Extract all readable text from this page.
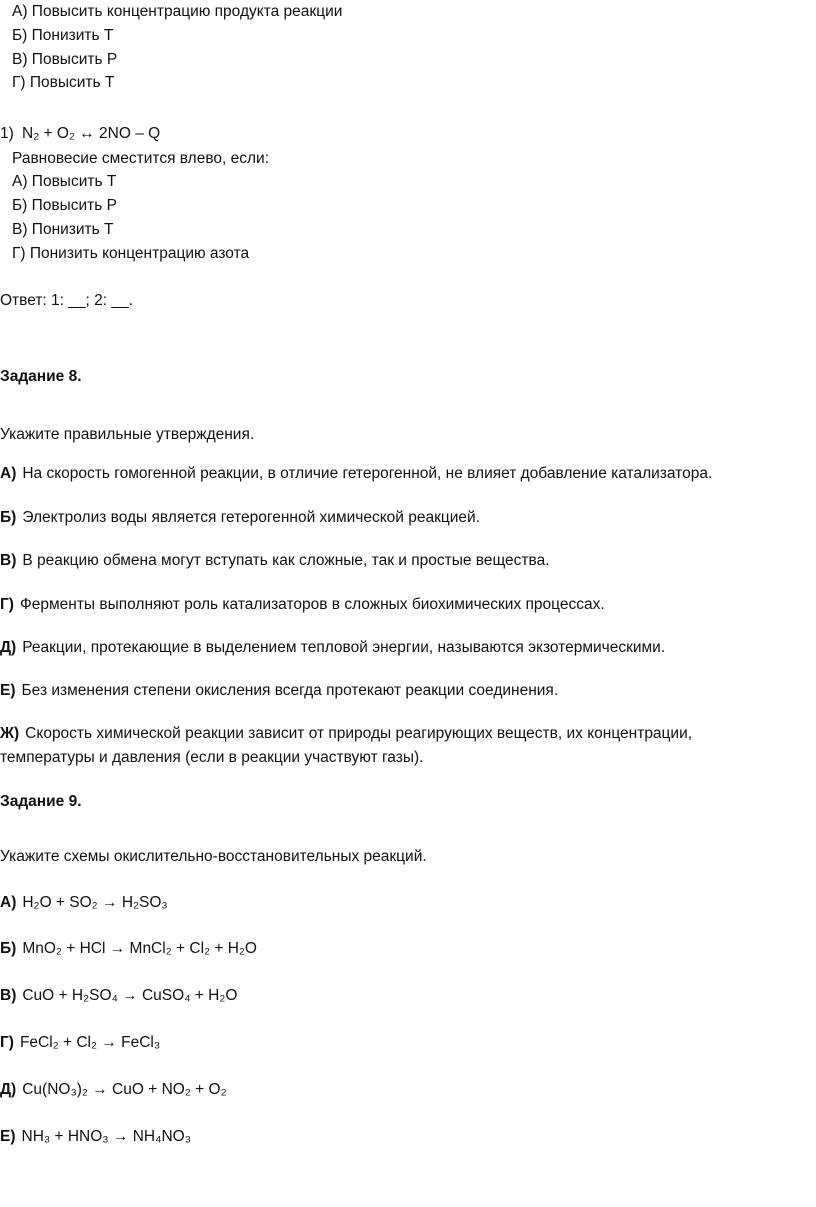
А) Повысить концентрацию продукта реакции
Б) Понизить Т
В) Повысить Р
Г) Повысить Т
1) N₂ + O₂ ↔ 2NO – Q
Равновесие сместится влево, если:
А) Повысить Т
Б) Повысить Р
В) Понизить Т
Г) Понизить концентрацию азота
Ответ: 1: __; 2: __.
Задание 8.
Укажите правильные утверждения.
А) На скорость гомогенной реакции, в отличие гетерогенной, не влияет добавление катализатора.
Б) Электролиз воды является гетерогенной химической реакцией.
В) В реакцию обмена могут вступать как сложные, так и простые вещества.
Г) Ферменты выполняют роль катализаторов в сложных биохимических процессах.
Д) Реакции, протекающие в выделением тепловой энергии, называются экзотермическими.
Е) Без изменения степени окисления всегда протекают реакции соединения.
Ж) Скорость химической реакции зависит от природы реагирующих веществ, их концентрации,
температуры и давления (если в реакции участвуют газы).
Задание 9.
Укажите схемы окислительно-восстановительных реакций.
А) H₂O + SO₂ → H₂SO₃
Б) MnO₂ + HCl → MnCl₂ + Cl₂ + H₂O
В) CuO + H₂SO₄ → CuSO₄ + H₂O
Г) FeCl₂ + Cl₂ → FeCl₃
Д) Cu(NO₃)₂ → CuO + NO₂ + O₂
Е) NH₃ + HNO₃ → NH₄NO₃
